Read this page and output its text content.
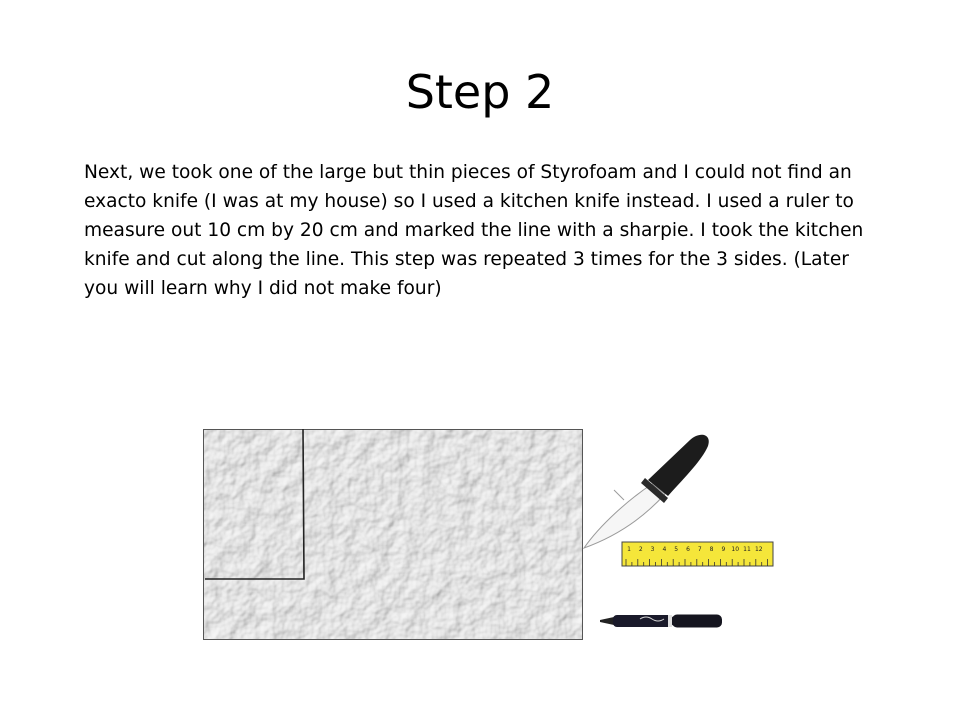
Step 2
Next, we took one of the large but thin pieces of Styrofoam and I could not find an exacto knife (I was at my house) so I used a kitchen knife instead. I used a ruler to measure out 10 cm by 20 cm and marked the line with a sharpie. I took the kitchen knife and cut along the line. This step was repeated 3 times for the 3 sides. (Later you will learn why I did not make four)
1 2 3 4 5 6 7 8 9 10 11 12
